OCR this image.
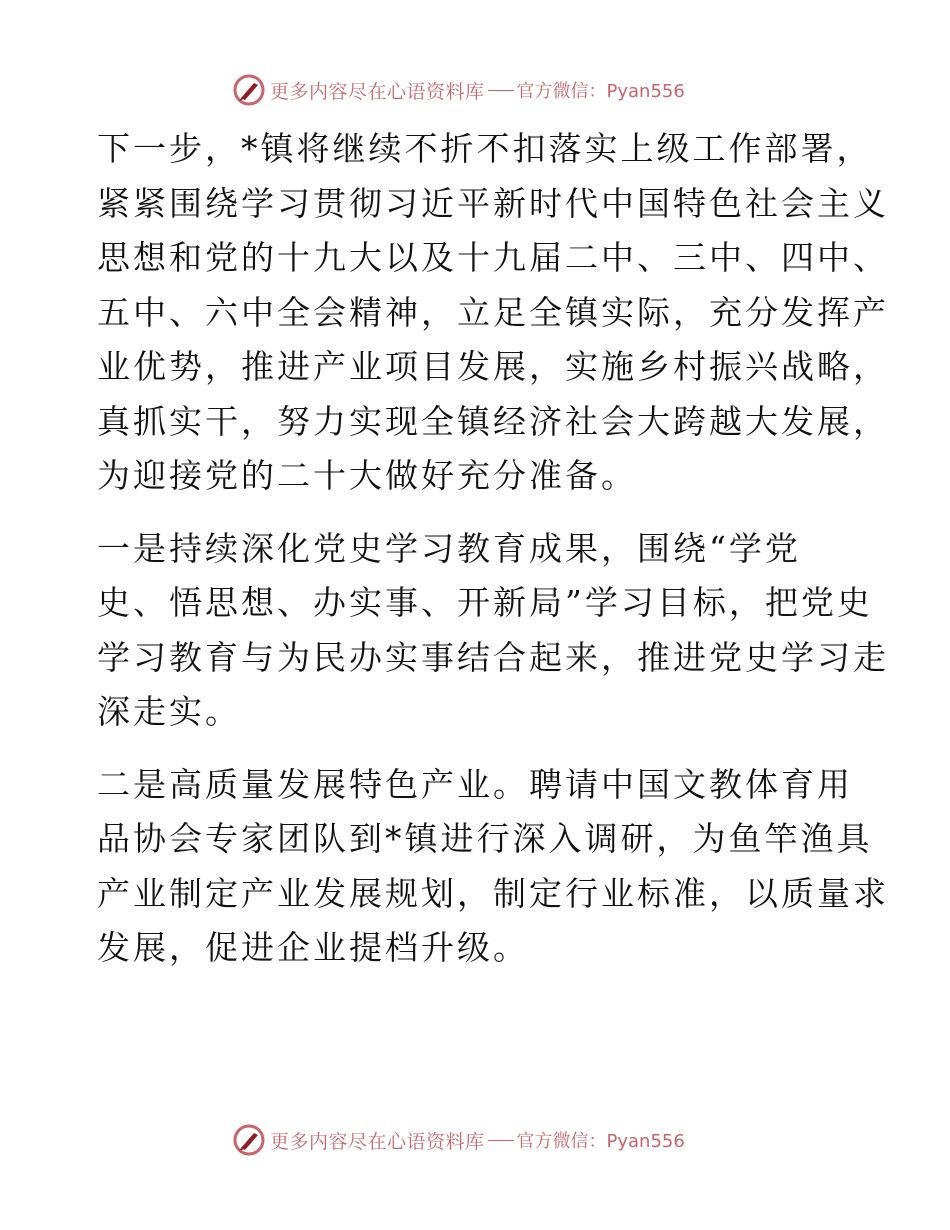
更多内容尽在心语资料库 官方微信：Pyan556
下一步，*镇将继续不折不扣落实上级工作部署，
紧紧围绕学习贯彻习近平新时代中国特色社会主义
思想和党的十九大以及十九届二中、三中、四中、
五中、六中全会精神，立足全镇实际，充分发挥产
业优势，推进产业项目发展，实施乡村振兴战略，
真抓实干，努力实现全镇经济社会大跨越大发展，
为迎接党的二十大做好充分准备。
一是持续深化党史学习教育成果，围绕“学党
史、悟思想、办实事、开新局”学习目标，把党史
学习教育与为民办实事结合起来，推进党史学习走
深走实。
二是高质量发展特色产业。聘请中国文教体育用
品协会专家团队到*镇进行深入调研，为鱼竿渔具
产业制定产业发展规划，制定行业标准，以质量求
发展，促进企业提档升级。
更多内容尽在心语资料库 官方微信：Pyan556
